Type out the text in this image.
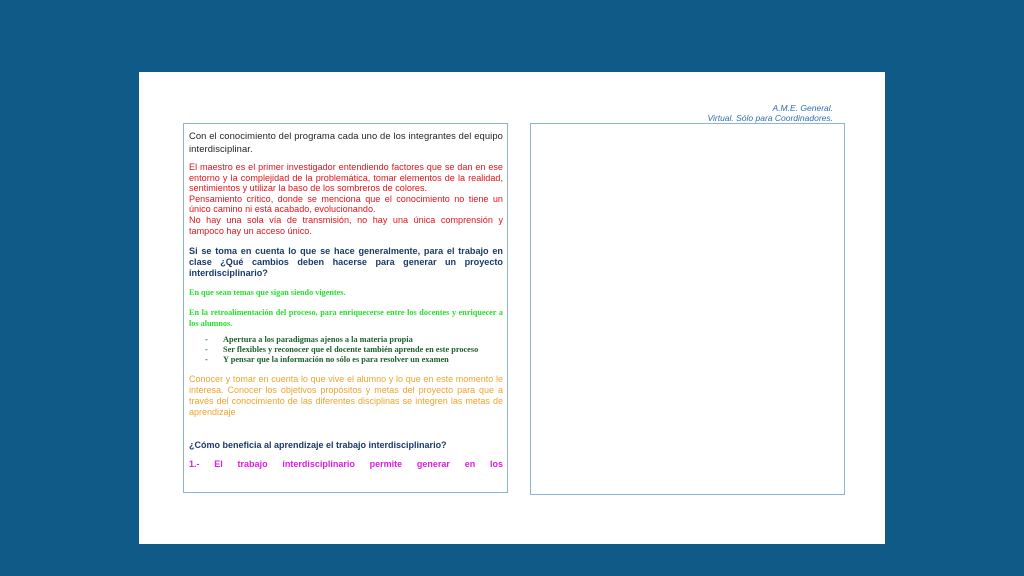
A.M.E. General.
Virtual. Sólo para Coordinadores.

Con el conocimiento del programa cada uno de los integrantes del equipo interdisciplinar.

El maestro es el primer investigador entendiendo factores que se dan en ese entorno y la complejidad de la problemática, tomar elementos de la realidad, sentimientos y utilizar la baso de los sombreros de colores.

Pensamiento crítico, donde se menciona que el conocimiento no tiene un único camino ni está acabado, evolucionando.

No hay una sola vía de transmisión, no hay una única comprensión y tampoco hay un acceso único.

Si se toma en cuenta lo que se hace generalmente, para el trabajo en clase ¿Qué cambios deben hacerse para generar un proyecto interdisciplinario?

En que sean temas que sigan siendo vigentes.

En la retroalimentación del proceso, para enriquecerse entre los docentes y enriquecer a los alumnos.

- Apertura a los paradigmas ajenos a la materia propia
- Ser flexibles y reconocer que el docente también aprende en este proceso
- Y pensar que la información no sólo es para resolver un examen

Conocer y tomar en cuenta lo que vive el alumno y lo que en este momento le interesa. Conocer los objetivos propósitos y metas del proyecto para que a través del conocimiento de las diferentes disciplinas se integren las metas de aprendizaje

¿Cómo beneficia al aprendizaje el trabajo interdisciplinario?

1.- El trabajo interdisciplinario permite generar en los
